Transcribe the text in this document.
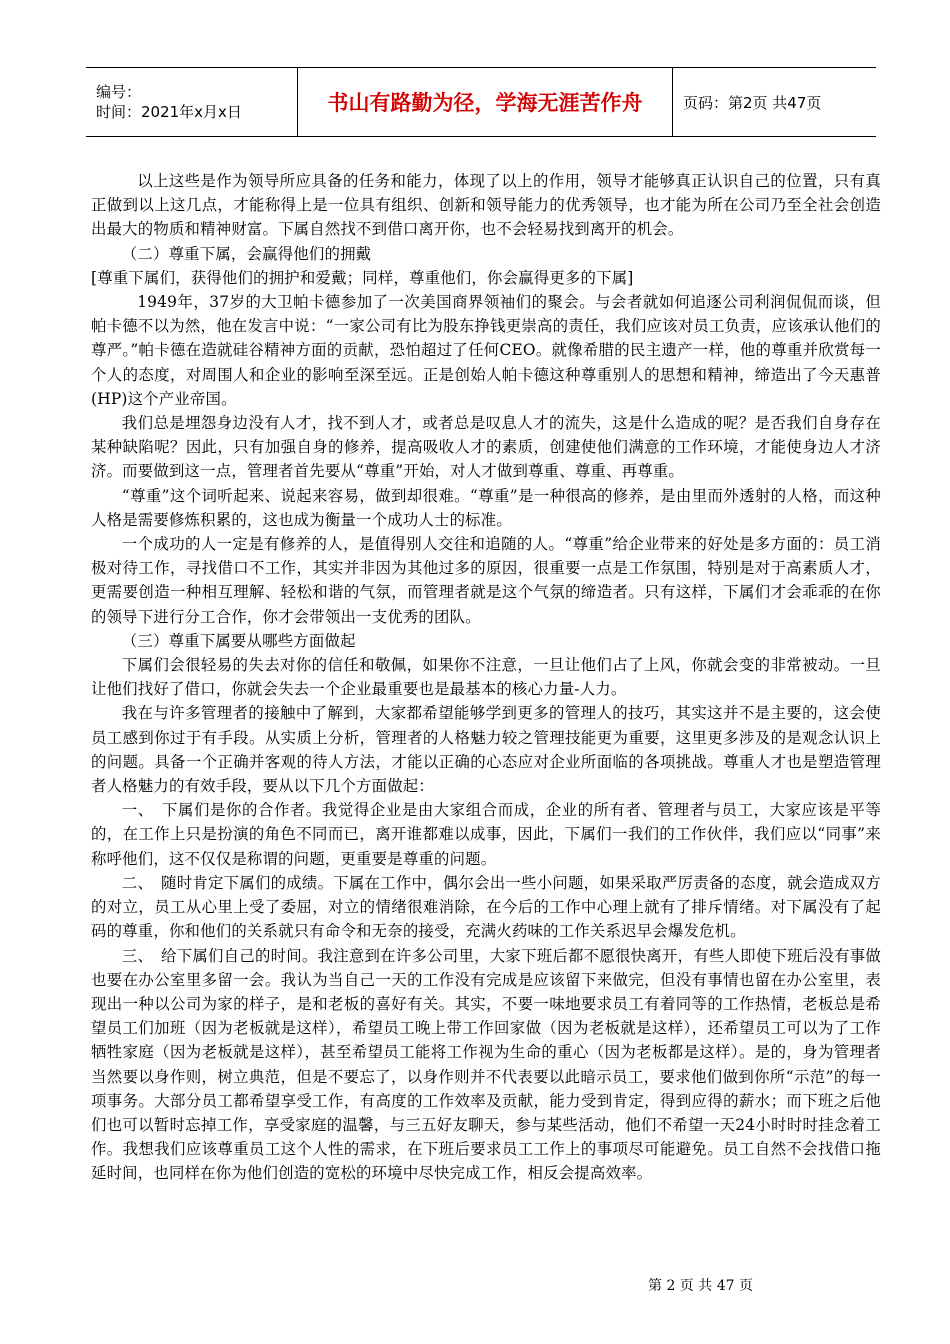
编号：
时间：2021年x月x日	书山有路勤为径，学海无涯苦作舟	页码：第2页 共47页

以上这些是作为领导所应具备的任务和能力，体现了以上的作用，领导才能够真正认识自己的位置，只有真正做到以上这几点，才能称得上是一位具有组织、创新和领导能力的优秀领导，也才能为所在公司乃至全社会创造出最大的物质和精神财富。下属自然找不到借口离开你，也不会轻易找到离开的机会。

（二）尊重下属，会赢得他们的拥戴

[尊重下属们，获得他们的拥护和爱戴；同样，尊重他们，你会赢得更多的下属]

1949年，37岁的大卫帕卡德参加了一次美国商界领袖们的聚会。与会者就如何追逐公司利润侃侃而谈，但帕卡德不以为然，他在发言中说：“一家公司有比为股东挣钱更崇高的责任，我们应该对员工负责，应该承认他们的尊严。”帕卡德在造就硅谷精神方面的贡献，恐怕超过了任何CEO。就像希腊的民主遗产一样，他的尊重并欣赏每一个人的态度，对周围人和企业的影响至深至远。正是创始人帕卡德这种尊重别人的思想和精神，缔造出了今天惠普(HP)这个产业帝国。

我们总是埋怨身边没有人才，找不到人才，或者总是叹息人才的流失，这是什么造成的呢？是否我们自身存在某种缺陷呢？因此，只有加强自身的修养，提高吸收人才的素质，创建使他们满意的工作环境，才能使身边人才济济。而要做到这一点，管理者首先要从“尊重”开始，对人才做到尊重、尊重、再尊重。

“尊重”这个词听起来、说起来容易，做到却很难。“尊重”是一种很高的修养，是由里而外透射的人格，而这种人格是需要修炼积累的，这也成为衡量一个成功人士的标准。

一个成功的人一定是有修养的人，是值得别人交往和追随的人。“尊重”给企业带来的好处是多方面的：员工消极对待工作，寻找借口不工作，其实并非因为其他过多的原因，很重要一点是工作氛围，特别是对于高素质人才，更需要创造一种相互理解、轻松和谐的气氛，而管理者就是这个气氛的缔造者。只有这样，下属们才会乖乖的在你的领导下进行分工合作，你才会带领出一支优秀的团队。

（三）尊重下属要从哪些方面做起

下属们会很轻易的失去对你的信任和敬佩，如果你不注意，一旦让他们占了上风，你就会变的非常被动。一旦让他们找好了借口，你就会失去一个企业最重要也是最基本的核心力量-人力。

我在与许多管理者的接触中了解到，大家都希望能够学到更多的管理人的技巧，其实这并不是主要的，这会使员工感到你过于有手段。从实质上分析，管理者的人格魅力较之管理技能更为重要，这里更多涉及的是观念认识上的问题。具备一个正确并客观的待人方法，才能以正确的心态应对企业所面临的各项挑战。尊重人才也是塑造管理者人格魅力的有效手段，要从以下几个方面做起：

一、　下属们是你的合作者。我觉得企业是由大家组合而成，企业的所有者、管理者与员工，大家应该是平等的，在工作上只是扮演的角色不同而已，离开谁都难以成事，因此，下属们一我们的工作伙伴，我们应以“同事”来称呼他们，这不仅仅是称谓的问题，更重要是尊重的问题。

二、　随时肯定下属们的成绩。下属在工作中，偶尔会出一些小问题，如果采取严厉责备的态度，就会造成双方的对立，员工从心里上受了委屈，对立的情绪很难消除，在今后的工作中心理上就有了排斥情绪。对下属没有了起码的尊重，你和他们的关系就只有命令和无奈的接受，充满火药味的工作关系迟早会爆发危机。

三、　给下属们自己的时间。我注意到在许多公司里，大家下班后都不愿很快离开，有些人即使下班后没有事做也要在办公室里多留一会。我认为当自己一天的工作没有完成是应该留下来做完，但没有事情也留在办公室里，表现出一种以公司为家的样子，是和老板的喜好有关。其实，不要一味地要求员工有着同等的工作热情，老板总是希望员工们加班（因为老板就是这样），希望员工晚上带工作回家做（因为老板就是这样），还希望员工可以为了工作牺牲家庭（因为老板就是这样），甚至希望员工能将工作视为生命的重心（因为老板都是这样）。是的，身为管理者当然要以身作则，树立典范，但是不要忘了，以身作则并不代表要以此暗示员工，要求他们做到你所“示范”的每一项事务。大部分员工都希望享受工作，有高度的工作效率及贡献，能力受到肯定，得到应得的薪水；而下班之后他们也可以暂时忘掉工作，享受家庭的温馨，与三五好友聊天，参与某些活动，他们不希望一天24小时时时挂念着工作。我想我们应该尊重员工这个人性的需求，在下班后要求员工工作上的事项尽可能避免。员工自然不会找借口拖延时间，也同样在你为他们创造的宽松的环境中尽快完成工作，相反会提高效率。

第 2 页 共 47 页
